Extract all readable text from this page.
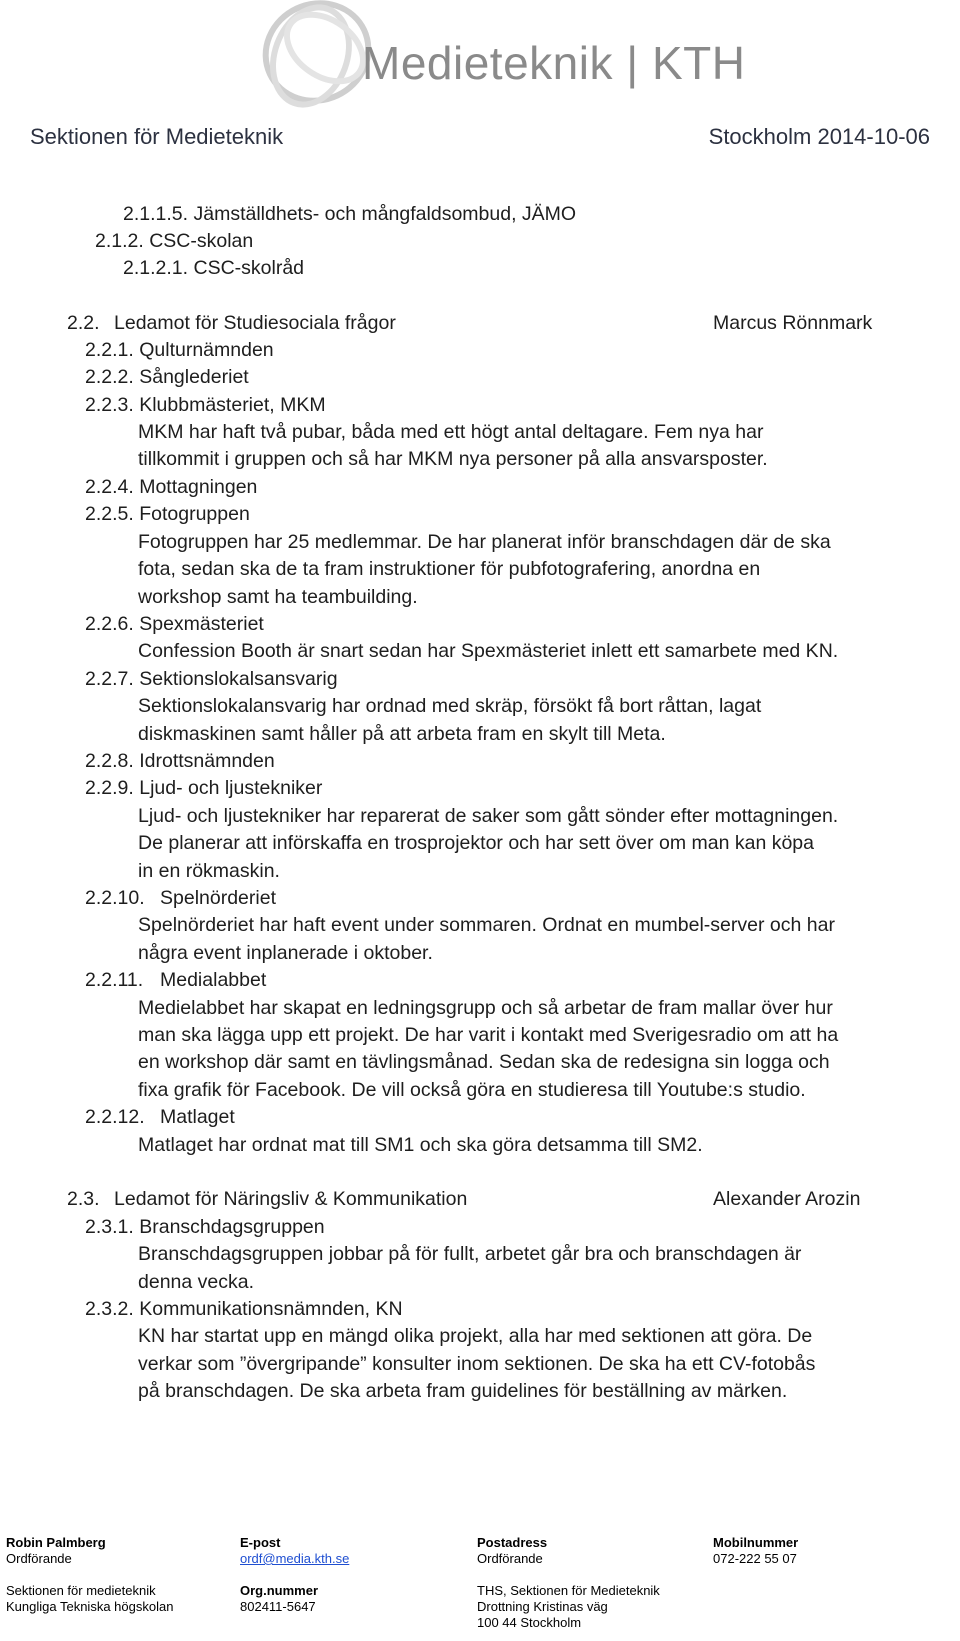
Medieteknik | KTH
Sektionen för Medieteknik	Stockholm 2014-10-06
2.1.1.5. Jämställdhets- och mångfaldsombud, JÄMO
2.1.2. CSC-skolan
2.1.2.1. CSC-skolråd
2.2. Ledamot för Studiesociala frågor	Marcus Rönnmark
2.2.1. Qulturnämnden
2.2.2. Sånglederiet
2.2.3. Klubbmästeriet, MKM
MKM har haft två pubar, båda med ett högt antal deltagare. Fem nya har
tillkommit i gruppen och så har MKM nya personer på alla ansvarsposter.
2.2.4. Mottagningen
2.2.5. Fotogruppen
Fotogruppen har 25 medlemmar. De har planerat inför branschdagen där de ska
fota, sedan ska de ta fram instruktioner för pubfotografering, anordna en
workshop samt ha teambuilding.
2.2.6. Spexmästeriet
Confession Booth är snart sedan har Spexmästeriet inlett ett samarbete med KN.
2.2.7. Sektionslokalsansvarig
Sektionslokalansvarig har ordnad med skräp, försökt få bort råttan, lagat
diskmaskinen samt håller på att arbeta fram en skylt till Meta.
2.2.8. Idrottsnämnden
2.2.9. Ljud- och ljustekniker
Ljud- och ljustekniker har reparerat de saker som gått sönder efter mottagningen.
De planerar att införskaffa en trosprojektor och har sett över om man kan köpa
in en rökmaskin.
2.2.10. Spelnörderiet
Spelnörderiet har haft event under sommaren. Ordnat en mumbel-server och har
några event inplanerade i oktober.
2.2.11. Medialabbet
Medielabbet har skapat en ledningsgrupp och så arbetar de fram mallar över hur
man ska lägga upp ett projekt. De har varit i kontakt med Sverigesradio om att ha
en workshop där samt en tävlingsmånad. Sedan ska de redesigna sin logga och
fixa grafik för Facebook. De vill också göra en studieresa till Youtube:s studio.
2.2.12. Matlaget
Matlaget har ordnat mat till SM1 och ska göra detsamma till SM2.
2.3. Ledamot för Näringsliv & Kommunikation	Alexander Arozin
2.3.1. Branschdagsgruppen
Branschdagsgruppen jobbar på för fullt, arbetet går bra och branschdagen är
denna vecka.
2.3.2. Kommunikationsnämnden, KN
KN har startat upp en mängd olika projekt, alla har med sektionen att göra. De
verkar som ”övergripande” konsulter inom sektionen. De ska ha ett CV-fotobås
på branschdagen. De ska arbeta fram guidelines för beställning av märken.
Robin Palmberg
Ordförande
Sektionen för medieteknik
Kungliga Tekniska högskolan
E-post
ordf@media.kth.se
Org.nummer
802411-5647
Postadress
Ordförande
THS, Sektionen för Medieteknik
Drottning Kristinas väg
100 44 Stockholm
Mobilnummer
072-222 55 07
